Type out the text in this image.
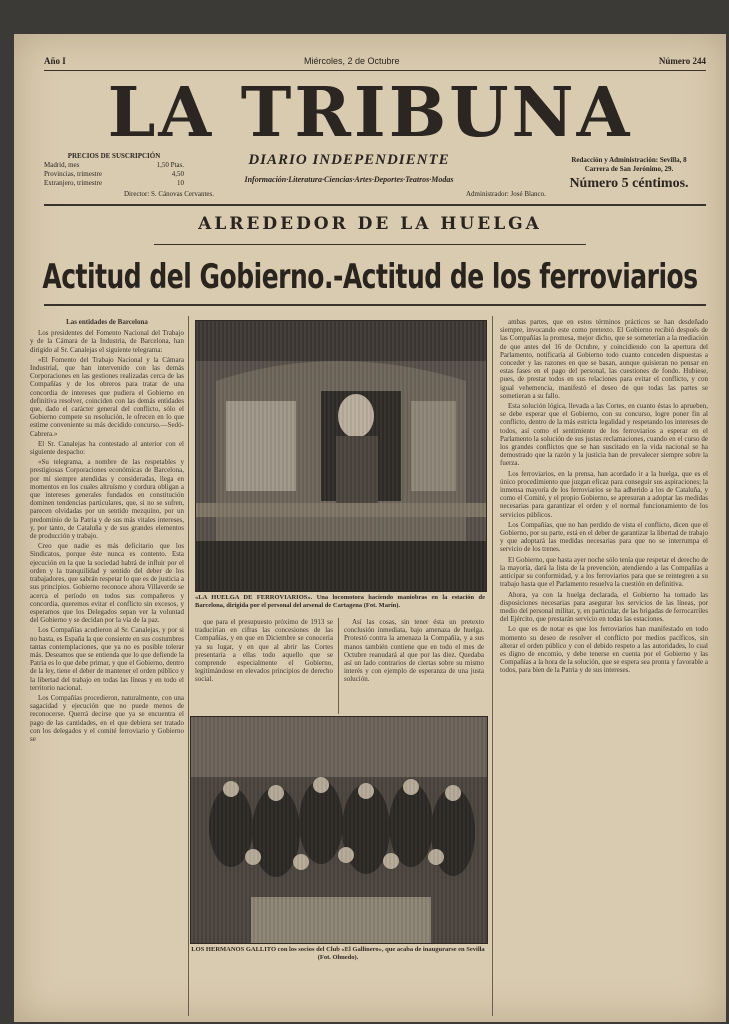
Año I	Miércoles, 2 de Octubre	Número 244
LA TRIBUNA
PRECIOS DE SUSCRIPCIÓN
Madrid, mes	1,50 Ptas.
Provincias, trimestre	4,50
Extranjero, trimestre	10
DIARIO INDEPENDIENTE
Información·Literatura·Ciencias·Artes·Deportes·Teatros·Modas
Redacción y Administración: Sevilla, 8
Carrera de San Jerónimo, 29.
Número 5 céntimos.
Director: S. Cánovas Cervantes.	Administrador: José Blanco.
ALREDEDOR DE LA HUELGA
Actitud del Gobierno.-Actitud de los ferroviarios

Las entidades de Barcelona

Los presidentes del Fomento Nacional del Trabajo y de la Cámara de la Industria, de Barcelona, han dirigido al Sr. Canalejas el siguiente telegrama:

«El Fomento del Trabajo Nacional y la Cámara Industrial, que han intervenido con las demás Corporaciones en las gestiones realizadas cerca de las Compañías y de los obreros para tratar de una concordia de intereses que pudiera el Gobierno en definitiva resolver, coinciden con las demás entidades que, dado el carácter general del conflicto, sólo el Gobierno compete su resolución, le ofrecen en lo que estime conveniente su más decidido concurso.—Sedó-Cabrera.»

El Sr. Canalejas ha contestado al anterior con el siguiente despacho:

«Su telegrama, a nombre de las respetables y prestigiosas Corporaciones económicas de Barcelona, por mí siempre atendidas y consideradas, llega en momentos en los cuales altruísmo y cordura obligan a que intereses generales fundados en constitución dominen tendencias particulares, que, si no se sufren, parecen olvidadas por un sentido mezquino, por un predominio de la Patria y de sus más vitales intereses, y, por tanto, de Cataluña y de sus grandes elementos de producción y trabajo.

Creo que nadie es más deficitario que los Sindicatos, porque éste nunca es contento. Esta ejecución en la que la sociedad habrá de influir por el orden y la tranquilidad y sentido del deber de los trabajadores, que sabrán respetar lo que es de justicia a sus principios. Gobierno reconoce ahora Villaverde se acerca el período en todos sus compañeros y concordia, queremos evitar el conflicto sin excesos, y esperamos que los Delegados sepan ver la voluntad del Gobierno y se decidan por la vía de la paz.

Los Compañías acudieron al Sr. Canalejas, y por si no basta, es España la que consiente en sus costumbres tantas contemplaciones, que ya no es posible tolerar más. Deseamos que se entienda que lo que defiende la Patria es lo que debe primar, y que el Gobierno, dentro de la ley, tiene el deber de mantener el orden público y la libertad del trabajo en todas las líneas y en todo el territorio nacional.

Los Compañías procedieron, naturalmente, con una sagacidad y ejecución que no puede menos de reconocerse. Querrá decirse que ya se encuentra el pago de las cantidades, en el que debiera ser tratado con los delegados y el comité ferroviario y Gobierno se

«LA HUELGA DE FERROVIARIOS». Una locomotora haciendo maniobras en la estación de Barcelona, dirigida por el personal del arsenal de Cartagena (Fot. Marín).

que para el presupuesto próximo de 1913 se traducirían en cifras las concesiones de las Compañías, y en que en Diciembre se conocería ya su lugar, y en que al abrir las Cortes presentaría a ellas todo aquello que se comprende especialmente el Gobierno, legitimándose en elevados principios de derecho social.

Así las cosas, sin tener ésta un pretexto conclusión inmediata, bajo amenaza de huelga. Protestó contra la amenaza la Compañía, y a sus manos también contiene que en todo el mes de Octubre reanudará al que por las diez. Quedaba así un lado contrarios de ciertas sobre su mismo interés y con ejemplo de esperanza de una justa solución.

LOS HERMANOS GALLITO con los socios del Club «El Gallinero», que acaba de inaugurarse en Sevilla (Fot. Olmedo).

ambas partes, que en estos términos prácticos se han desdeñado siempre, invocando este como pretexto. El Gobierno recibió después de las Compañías la promesa, mejor dicho, que se someterían a la mediación de que antes del 16 de Octubre, y coincidiendo con la apertura del Parlamento, notificaría al Gobierno todo cuanto conceden dispuestas a conceder y las razones en que se basan, aunque quisieran no pensar en estas fases en el pago del personal, las cuestiones de fondo. Hubiese, pues, de prestar todos en sus relaciones para evitar el conflicto, y con igual vehemencia, manifestó el deseo de que todas las partes se sometieran a su fallo.

Esta solución lógica, llevada a las Cortes, en cuanto éstas lo aprueben, se debe esperar que el Gobierno, con su concurso, logre poner fin al conflicto, dentro de la más estricta legalidad y respetando los intereses de todos, así como el sentimiento de los ferroviarios a esperar en el Parlamento la solución de sus justas reclamaciones, cuando en el curso de los grandes conflictos que se han suscitado en la vida nacional se ha demostrado que la razón y la justicia han de prevalecer siempre sobre la fuerza.

Los ferroviarios, en la prensa, han acordado ir a la huelga, que es el único procedimiento que juzgan eficaz para conseguir sus aspiraciones; la inmensa mayoría de los ferroviarios se ha adherido a los de Cataluña, y como el Comité, y el propio Gobierno, se apresuran a adoptar las medidas necesarias para garantizar el orden y el normal funcionamiento de los servicios públicos.

Los Compañías, que no han perdido de vista el conflicto, dicen que el Gobierno, por su parte, está en el deber de garantizar la libertad de trabajo y que adoptará las medidas necesarias para que no se interrumpa el servicio de los trenes.

El Gobierno, que hasta ayer noche sólo tenía que respetar el derecho de la mayoría, dará la lista de la prevención, atendiendo a las Compañías a anticipar su conformidad, y a los ferroviarios para que se reintegren a su trabajo hasta que el Parlamento resuelva la cuestión en definitiva.

Ahora, ya con la huelga declarada, el Gobierno ha tomado las disposiciones necesarias para asegurar los servicios de las líneas, por medio del personal militar, y, en particular, de las brigadas de ferrocarriles del Ejército, que prestarán servicio en todas las estaciones.

Lo que es de notar es que los ferroviarios han manifestado en todo momento su deseo de resolver el conflicto por medios pacíficos, sin alterar el orden público y con el debido respeto a las autoridades, lo cual es digno de encomio, y debe tenerse en cuenta por el Gobierno y las Compañías a la hora de la solución, que se espera sea pronta y favorable a todos, para bien de la Patria y de sus intereses.
